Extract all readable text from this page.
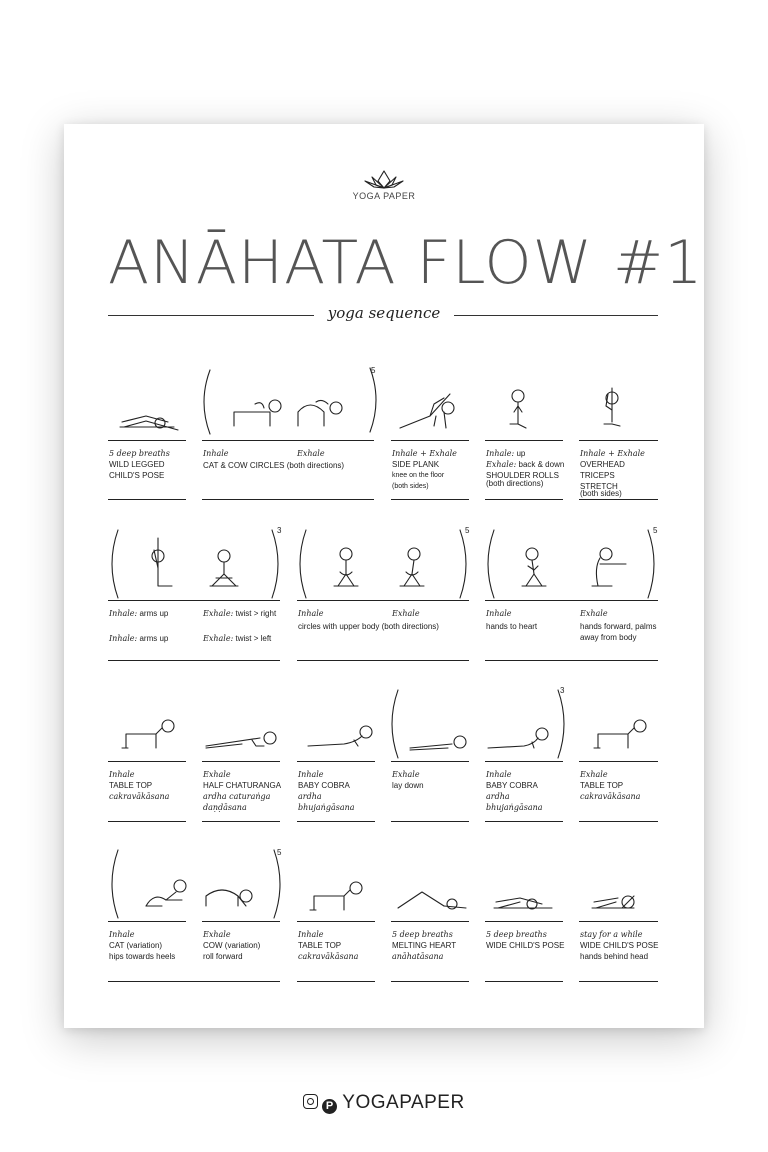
YOGA PAPER
ANĀHATA FLOW #1
yoga sequence
5 deep breaths
WILD LEGGED
CHILD'S POSE
5
Inhale	Exhale
CAT & COW CIRCLES (both directions)
Inhale + Exhale
SIDE PLANK
knee on the floor
(both sides)
Inhale: up
Exhale: back & down
SHOULDER ROLLS
(both directions)
Inhale + Exhale
OVERHEAD TRICEPS
STRETCH
(both sides)
3
Inhale: arms up
Inhale: arms up
Exhale: twist > right
Exhale: twist > left
5
Inhale	Exhale
circles with upper body (both directions)
5
Inhale
hands to heart
Exhale
hands forward, palms
away from body
Inhale
TABLE TOP
cakravākāsana
Exhale
HALF CHATURANGA
ardha caturaṅga
daṇḍāsana
Inhale
BABY COBRA
ardha bhujaṅgāsana
3
Exhale
lay down
Inhale
BABY COBRA
ardha bhujaṅgāsana
Exhale
TABLE TOP
cakravākāsana
5
Inhale
CAT (variation)
hips towards heels
Exhale
COW (variation)
roll forward
Inhale
TABLE TOP
cakravākāsana
5 deep breaths
MELTING HEART
anāhatāsana
5 deep breaths
WIDE CHILD'S POSE
stay for a while
WIDE CHILD'S POSE
hands behind head
P YOGAPAPER
